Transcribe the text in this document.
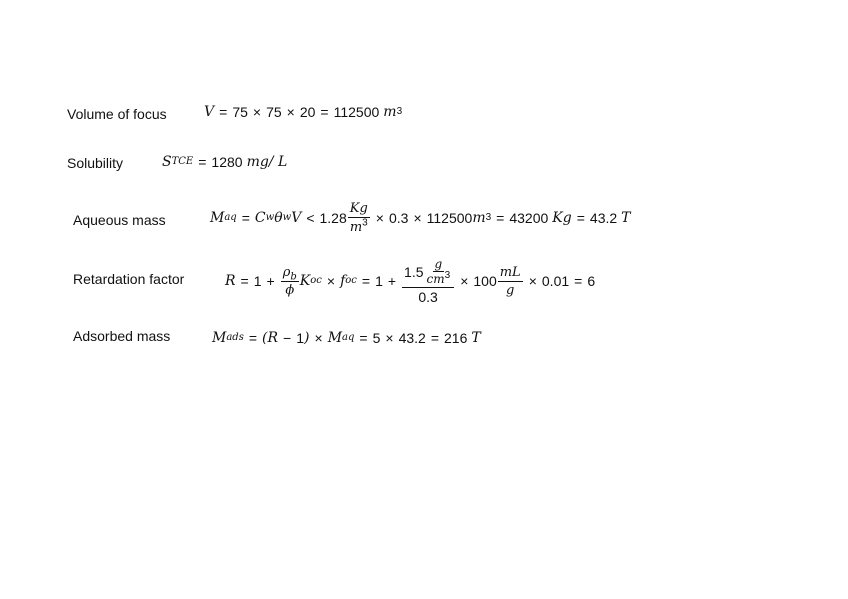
Volume of focus
Solubility
Aqueous mass
Retardation factor
Adsorbed mass
V = 75 × 75 × 20 = 112500 m 3
S TCE = 1280 mg/ L
M aq = C w θ w $V < 1.28 \frac{Kg}{m^3} \times 0.3 \times 112500$ m 3 = 43200 Kg = 43.2 T
$R = 1 + \frac{\rho_b}{\phi}$ K oc × f oc = $1 + \frac{1.5 \frac{g}{cm^3}}{0.3} \times 100 \frac{mL}{g} \times 0.01 = 6$
M ads = ( R − 1 ) × M aq = 5 × 43.2 = 216 T
